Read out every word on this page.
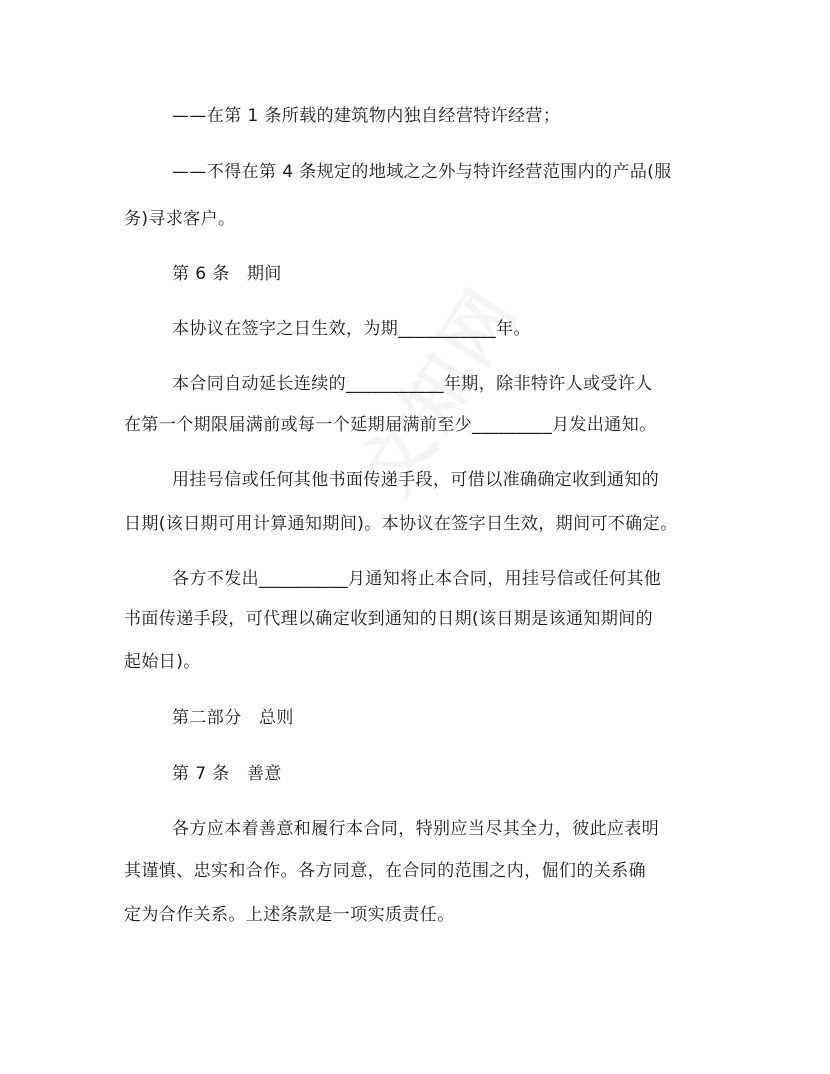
——在第 1 条所载的建筑物内独自经营特许经营；
——不得在第 4 条规定的地域之之外与特许经营范围内的产品(服
务)寻求客户。
第 6 条　期间
本协议在签字之日生效，为期___________年。
本合同自动延长连续的___________年期，除非特许人或受许人
在第一个期限届满前或每一个延期届满前至少_________月发出通知。
用挂号信或任何其他书面传递手段，可借以准确确定收到通知的
日期(该日期可用计算通知期间)。本协议在签字日生效，期间可不确定。
各方不发出__________月通知将止本合同，用挂号信或任何其他
书面传递手段，可代理以确定收到通知的日期(该日期是该通知期间的
起始日)。
第二部分　总则
第 7 条　善意
各方应本着善意和履行本合同，特别应当尽其全力，彼此应表明
其谨慎、忠实和合作。各方同意，在合同的范围之内，倔们的关系确
定为合作关系。上述条款是一项实质责任。
